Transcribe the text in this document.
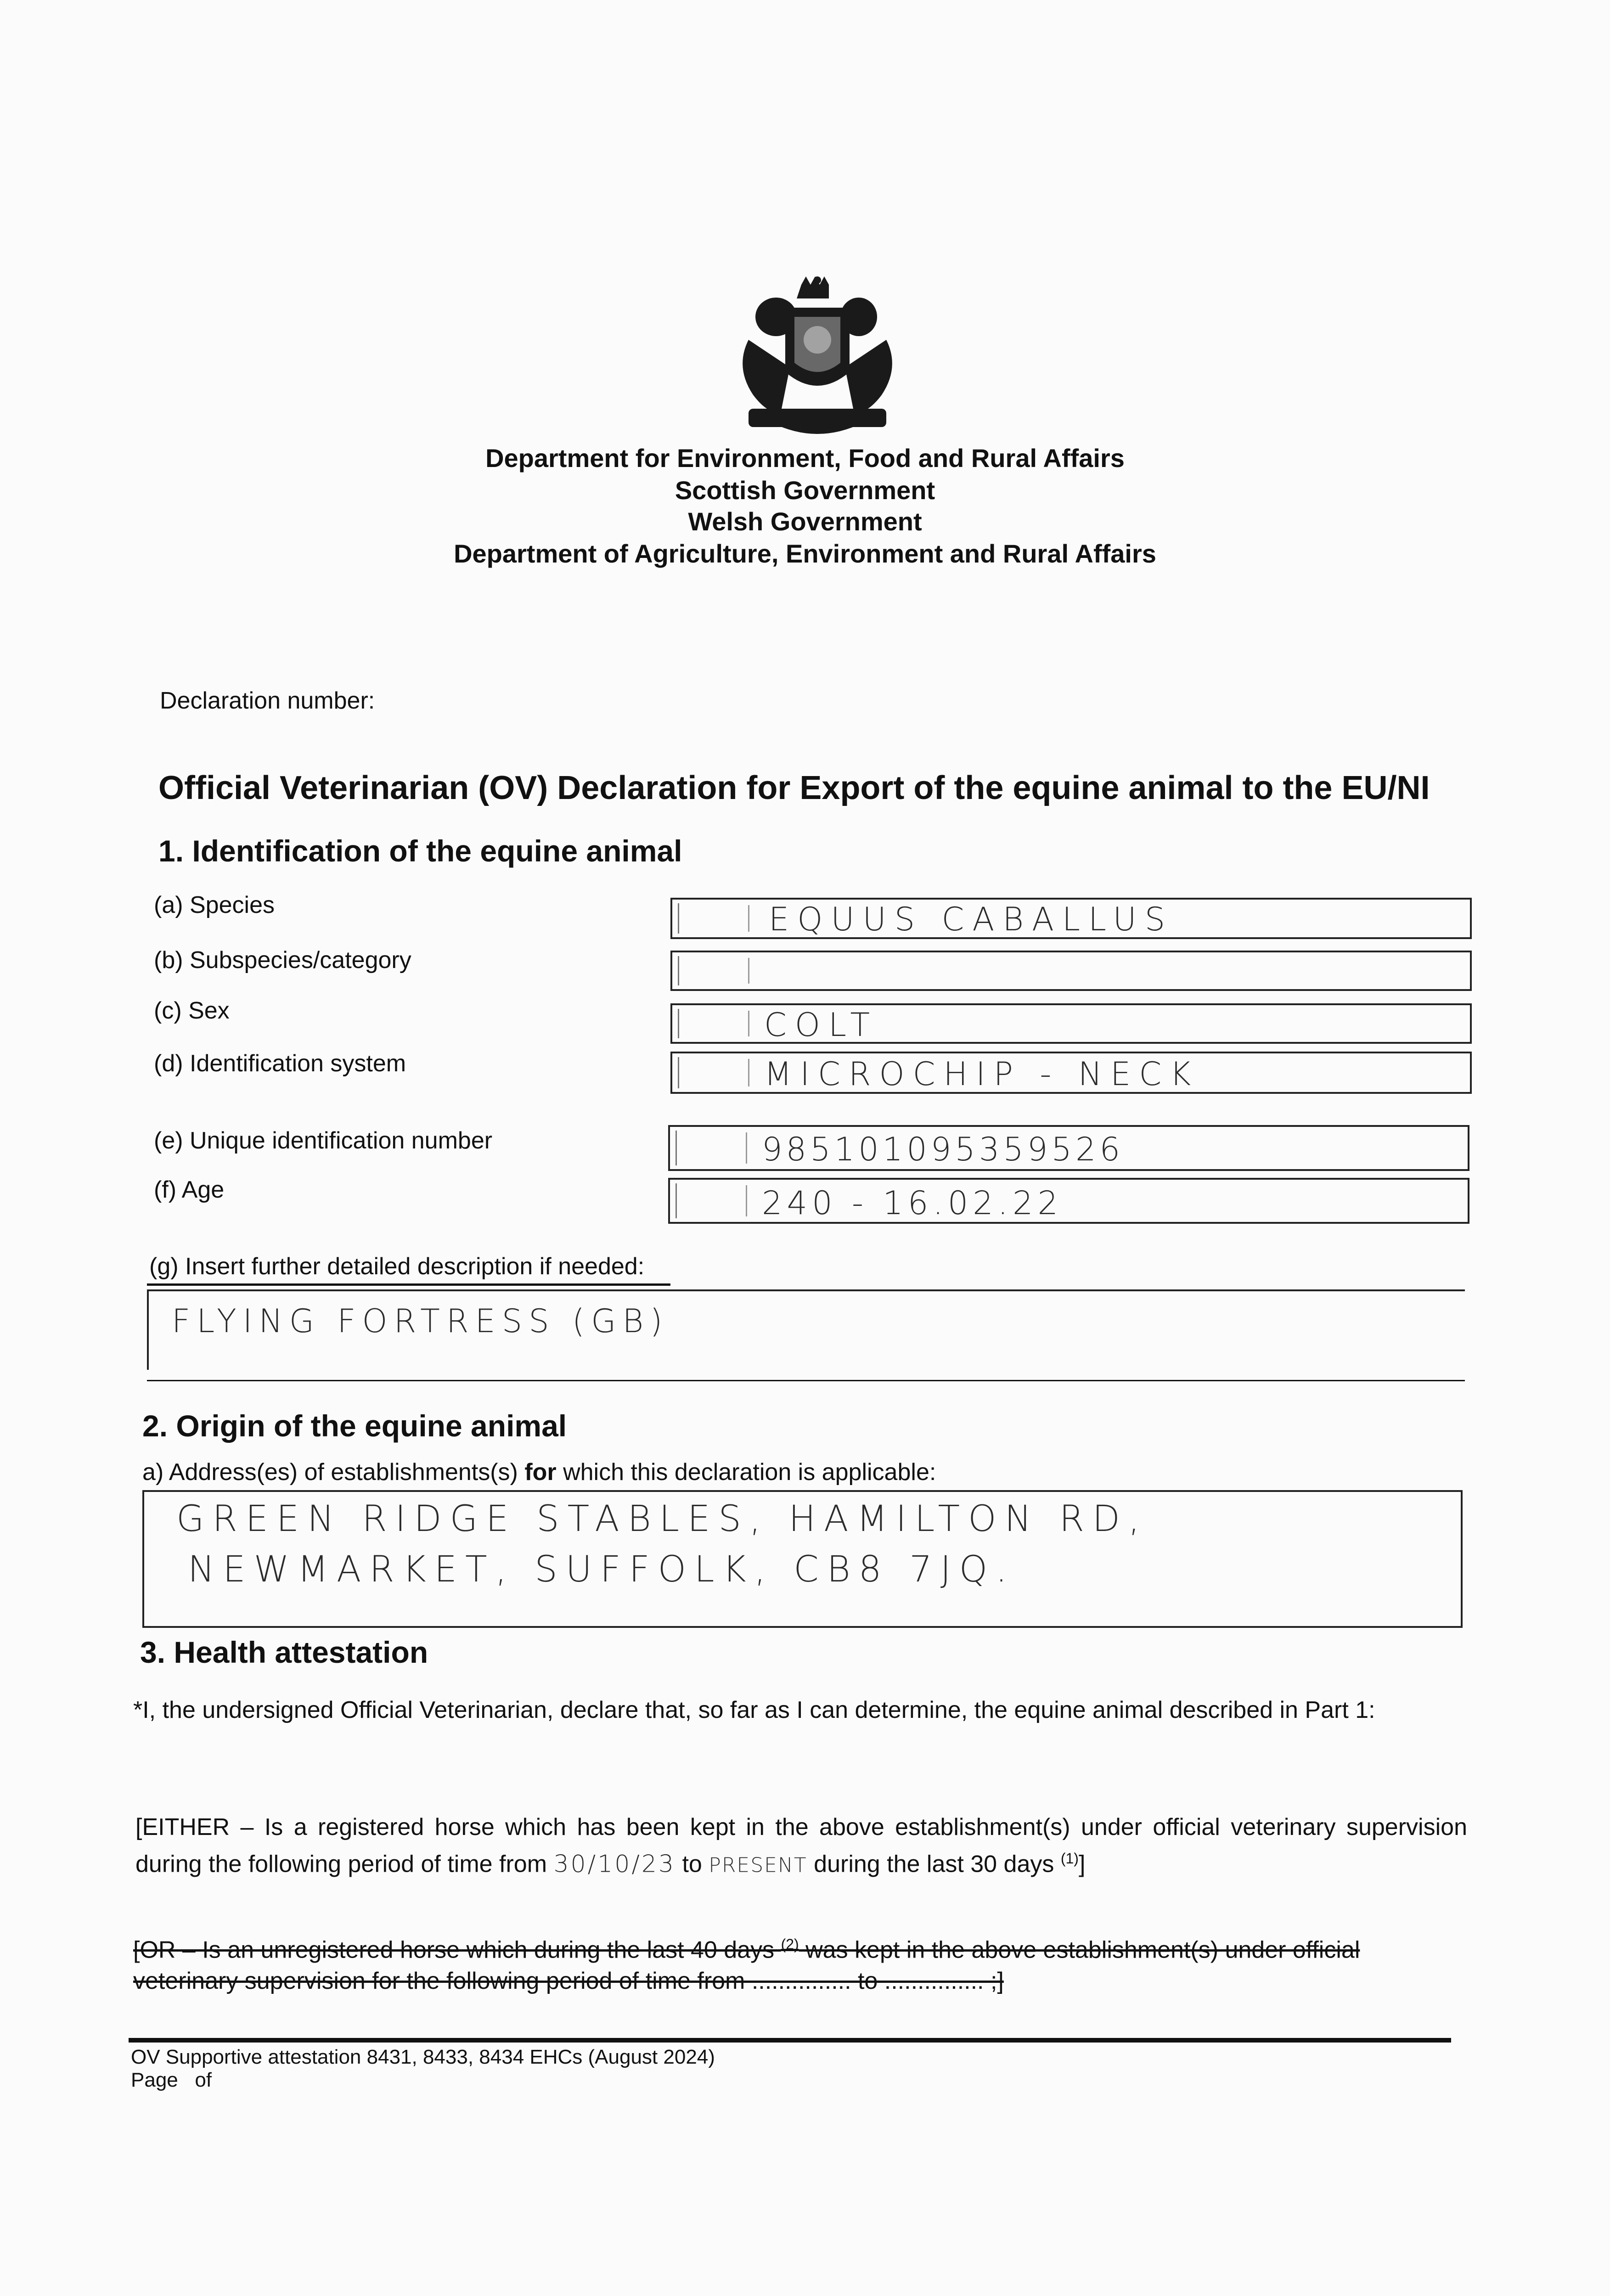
Department for Environment, Food and Rural Affairs
Scottish Government
Welsh Government
Department of Agriculture, Environment and Rural Affairs
Declaration number:
Official Veterinarian (OV) Declaration for Export of the equine animal to the EU/NI
1. Identification of the equine animal
(a) Species	EQUUS CABALLUS
(b) Subspecies/category
(c) Sex	COLT
(d) Identification system	MICROCHIP - NECK
(e) Unique identification number	985101095359526
(f) Age	240 - 16.02.22
(g) Insert further detailed description if needed:
FLYING FORTRESS (GB)
2. Origin of the equine animal
a) Address(es) of establishments(s) for which this declaration is applicable:
GREEN RIDGE STABLES, HAMILTON RD,
NEWMARKET, SUFFOLK, CB8 7JQ.
3. Health attestation
*I, the undersigned Official Veterinarian, declare that, so far as I can determine, the equine animal described in Part 1:
[EITHER – Is a registered horse which has been kept in the above establishment(s) under official veterinary supervision during the following period of time from 30/10/23 to PRESENT during the last 30 days $^{(1)}$]
[OR – Is an unregistered horse which during the last 40 days $^{(2)}$ was kept in the above establishment(s) under official veterinary supervision for the following period of time from ............... to ............... ;]
OV Supportive attestation 8431, 8433, 8434 EHCs (August 2024)
Page   of
